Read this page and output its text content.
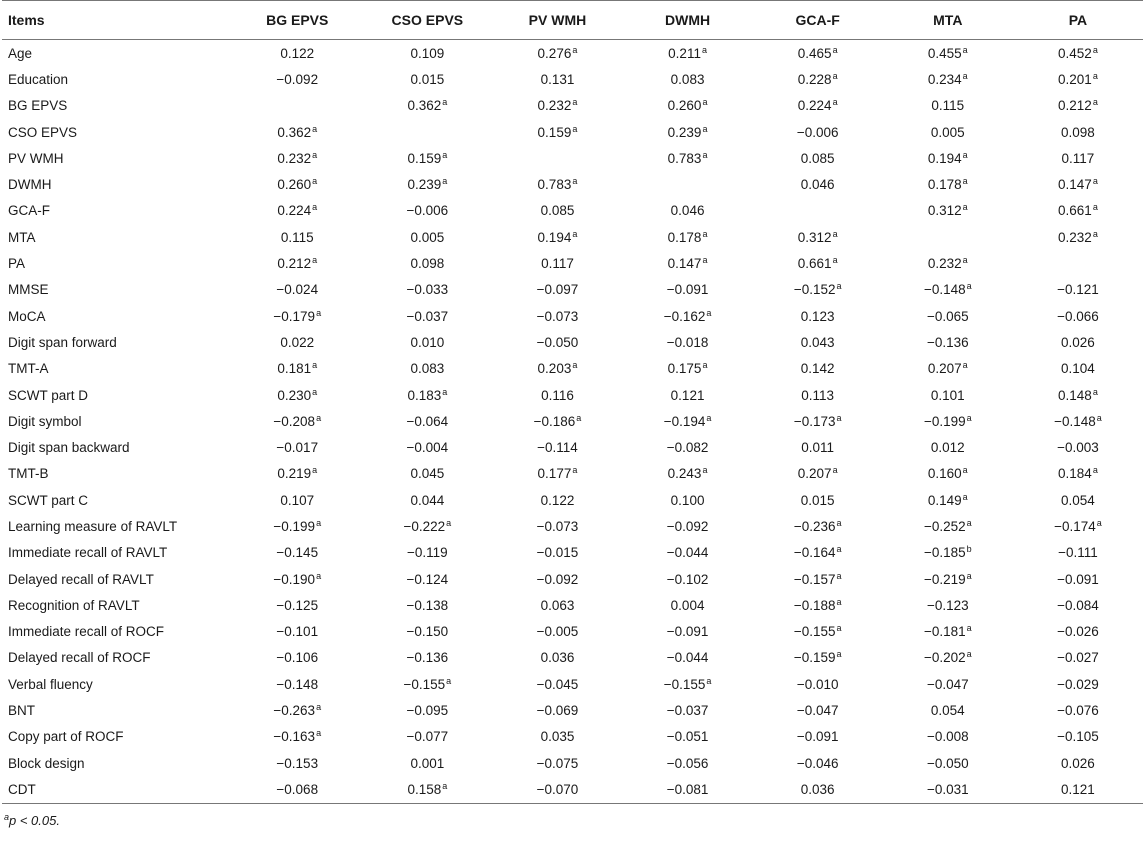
Items	BG EPVS	CSO EPVS	PV WMH	DWMH	GCA-F	MTA	PA
Age	0.122	0.109	0.276$^a$	0.211$^a$	0.465$^a$	0.455$^a$	0.452$^a$
Education	−0.092	0.015	0.131	0.083	0.228$^a$	0.234$^a$	0.201$^a$
BG EPVS		0.362$^a$	0.232$^a$	0.260$^a$	0.224$^a$	0.115	0.212$^a$
CSO EPVS	0.362$^a$		0.159$^a$	0.239$^a$	−0.006	0.005	0.098
PV WMH	0.232$^a$	0.159$^a$		0.783$^a$	0.085	0.194$^a$	0.117
DWMH	0.260$^a$	0.239$^a$	0.783$^a$		0.046	0.178$^a$	0.147$^a$
GCA-F	0.224$^a$	−0.006	0.085	0.046		0.312$^a$	0.661$^a$
MTA	0.115	0.005	0.194$^a$	0.178$^a$	0.312$^a$		0.232$^a$
PA	0.212$^a$	0.098	0.117	0.147$^a$	0.661$^a$	0.232$^a$	
MMSE	−0.024	−0.033	−0.097	−0.091	−0.152$^a$	−0.148$^a$	−0.121
MoCA	−0.179$^a$	−0.037	−0.073	−0.162$^a$	0.123	−0.065	−0.066
Digit span forward	0.022	0.010	−0.050	−0.018	0.043	−0.136	0.026
TMT-A	0.181$^a$	0.083	0.203$^a$	0.175$^a$	0.142	0.207$^a$	0.104
SCWT part D	0.230$^a$	0.183$^a$	0.116	0.121	0.113	0.101	0.148$^a$
Digit symbol	−0.208$^a$	−0.064	−0.186$^a$	−0.194$^a$	−0.173$^a$	−0.199$^a$	−0.148$^a$
Digit span backward	−0.017	−0.004	−0.114	−0.082	0.011	0.012	−0.003
TMT-B	0.219$^a$	0.045	0.177$^a$	0.243$^a$	0.207$^a$	0.160$^a$	0.184$^a$
SCWT part C	0.107	0.044	0.122	0.100	0.015	0.149$^a$	0.054
Learning measure of RAVLT	−0.199$^a$	−0.222$^a$	−0.073	−0.092	−0.236$^a$	−0.252$^a$	−0.174$^a$
Immediate recall of RAVLT	−0.145	−0.119	−0.015	−0.044	−0.164$^a$	−0.185$^b$	−0.111
Delayed recall of RAVLT	−0.190$^a$	−0.124	−0.092	−0.102	−0.157$^a$	−0.219$^a$	−0.091
Recognition of RAVLT	−0.125	−0.138	0.063	0.004	−0.188$^a$	−0.123	−0.084
Immediate recall of ROCF	−0.101	−0.150	−0.005	−0.091	−0.155$^a$	−0.181$^a$	−0.026
Delayed recall of ROCF	−0.106	−0.136	0.036	−0.044	−0.159$^a$	−0.202$^a$	−0.027
Verbal fluency	−0.148	−0.155$^a$	−0.045	−0.155$^a$	−0.010	−0.047	−0.029
BNT	−0.263$^a$	−0.095	−0.069	−0.037	−0.047	0.054	−0.076
Copy part of ROCF	−0.163$^a$	−0.077	0.035	−0.051	−0.091	−0.008	−0.105
Block design	−0.153	0.001	−0.075	−0.056	−0.046	−0.050	0.026
CDT	−0.068	0.158$^a$	−0.070	−0.081	0.036	−0.031	0.121
$^a$p < 0.05.
